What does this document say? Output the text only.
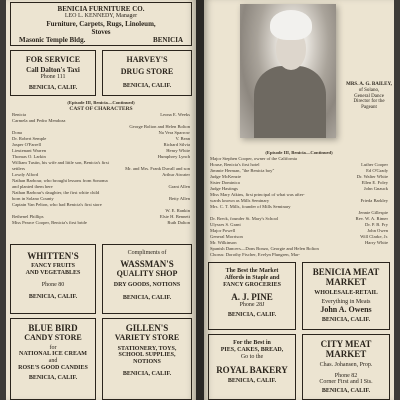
BENICIA FURNITURE CO.
LEO L. KENNEDY, Manager
Furniture, Carpets, Rugs, Linoleum,
Stoves
Masonic Temple Bldg.	BENICIA
FOR SERVICE
Call Dalton's Taxi
Phone 111
BENICIA, CALIF.
HARVEY'S
DRUG STORE
BENICIA, CALIF.
(Episode III, Benicia—Continued)
CAST OF CHARACTERS
Benicia	Leona E. Weeks
Carmela and Pedro Mendoza
George Bolton and Helen Bolton
Dona	Na Vera Sparrow
Dr. Robert Semple	V. Bean
Jasper O'Farrell	Richard Silvia
Lieutenant Warren	Henry White
Thomas O. Larkin	Humphrey Lynch
William Tustin, his wife and little son, Benicia's first
settlers	Mr. and Mrs. Frank Duvall and son
Lowdy Alford	Arthur Atwater
Nathan Barbour, who brought lessons from Sonoma
and planted them here	Grant Allen
Nathan Barbour's daughter, the first white child
born in Solano County	Betty Allen
Captain Van Pelton, who had Benicia's first store
W. E. Rankin
Bethenel Phillips	Elsie H. Bennett
Miss Pearce Cooper, Benicia's first bride	Ruth Dalton
WHITTEN'S
FANCY FRUITS
AND VEGETABLES
Phone 80
BENICIA, CALIF.
Compliments of
WASSMAN'S
QUALITY SHOP
DRY GOODS, NOTIONS
BENICIA, CALIF.
BLUE BIRD
CANDY STORE
for
NATIONAL ICE CREAM
and
ROSE'S GOOD CANDIES
BENICIA, CALIF.
GILLEN'S
VARIETY STORE
STATIONERY, TOYS,
SCHOOL SUPPLIES,
NOTIONS
BENICIA, CALIF.
MRS. A. G. BAILEY,
of Solano,
General Dance
Director for the
Pageant
(Episode III, Benicia—Continued)
Major Stephen Cooper, owner of the California
House, Benicia's first hotel	Luther Cooper
Jimmie Herman, "the Benicia boy"	Ed O'Grady
Judge McKenzie	Dr. Walter White
Sister Dominica	Ellen E. Foley
Judge Hastings	John Gnauck
Miss Mary Atkins, first principal of what was after-
wards known as Mills Seminary	Frieda Barkley
Mrs. C. T. Mills, founder of Mills Seminary
Jennie Gillespie
Dr. Breck, founder St. Mary's School	Rev. W. A. Rimer
Ulysses S. Grant	Dr. P. B. Fry
Major Powell	John Owen
General Morrison	Will Clarke, Jr.
Mr. Wilkinson	Harry White
Spanish Dancers—Dons Bonzo, Georgie and Helen Bolton
Chorus: Dorothy Fischer, Evelyn Plungren, Mar-
The Best the Market
Affords in Staple and
FANCY GROCERIES
A. J. PINE
Phone 28J
BENICIA, CALIF.
BENICIA MEAT
MARKET
WHOLESALE-RETAIL
Everything in Meats
John A. Owens
BENICIA, CALIF.
For the Best in
PIES, CAKES, BREAD,
Go to the
ROYAL BAKERY
BENICIA, CALIF.
CITY MEAT
MARKET
Chas. Johansen, Prop.
Phone 82
Corner First and I Sts.
BENICIA, CALIF.
